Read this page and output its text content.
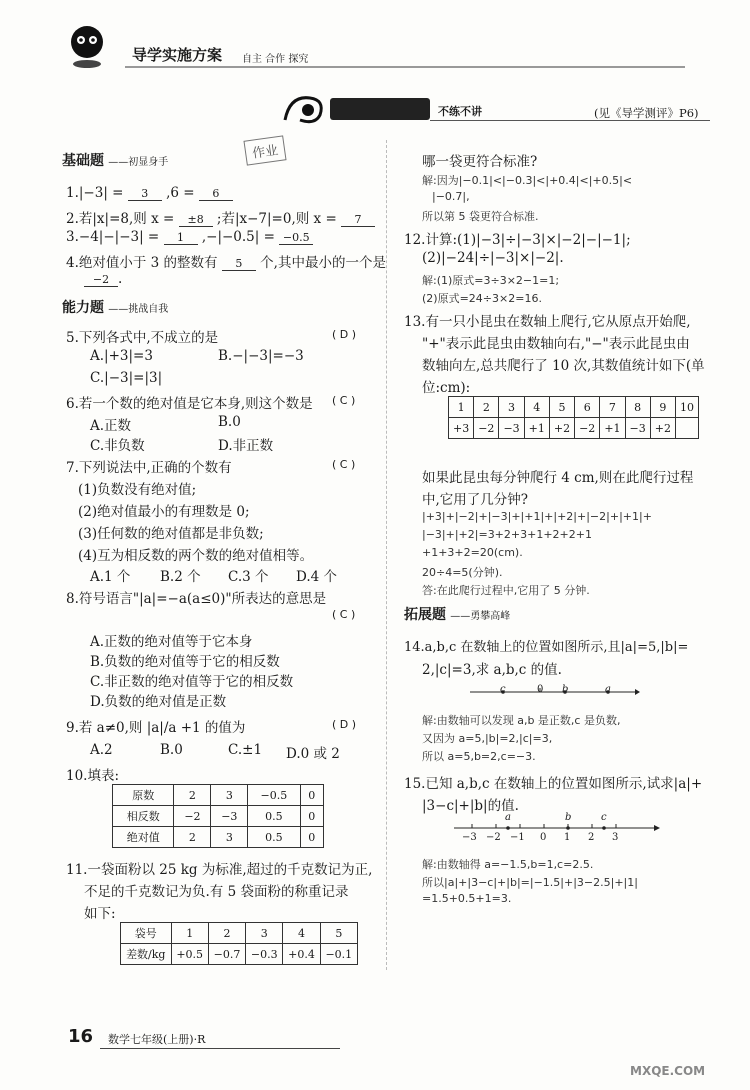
导学实施方案 自主 合作 探究
不练不讲	(见《导学测评》P6)
基础题 ——初显身手
作业
1.|−3| = 3 ,6 = 6
2.若|x|=8,则 x = ±8 ;若|x−7|=0,则 x = 7
3.−4|−|−3| = 1 ,−|−0.5| = −0.5
4.绝对值小于 3 的整数有 5 个,其中最小的一个是
−2 .
能力题 ——挑战自我
5.下列各式中,不成立的是	( D )
A.|+3|=3	B.−|−3|=−3
C.|−3|=|3|
6.若一个数的绝对值是它本身,则这个数是 ( C )
A.正数	B.0
C.非负数	D.非正数
7.下列说法中,正确的个数有	( C )
(1)负数没有绝对值;
(2)绝对值最小的有理数是 0;
(3)任何数的绝对值都是非负数;
(4)互为相反数的两个数的绝对值相等。
A.1 个 B.2 个 C.3 个 D.4 个
8.符号语言"|a|=−a(a≤0)"所表达的意思是
( C )
A.正数的绝对值等于它本身
B.负数的绝对值等于它的相反数
C.非正数的绝对值等于它的相反数
D.负数的绝对值是正数
9.若 a≠0,则 |a|/a +1 的值为	( D )
A.2	B.0	C.±1 D.0 或 2
10.填表:
原数	2	3	−0.5	0
相反数	−2	−3	0.5	0
绝对值	2	3	0.5	0
11.一袋面粉以 25 kg 为标准,超过的千克数记为正,
不足的千克数记为负.有 5 袋面粉的称重记录
如下:
袋号	1	2	3	4	5
差数/kg	+0.5	−0.7	−0.3	+0.4	−0.1
哪一袋更符合标准?
解:因为|−0.1|<|−0.3|<|+0.4|<|+0.5|<
|−0.7|,
所以第 5 袋更符合标准.
12.计算:(1)|−3|÷|−3|×|−2|−|−1|;
(2)|−24|÷|−3|×|−2|.
解:(1)原式=3÷3×2−1=1;
(2)原式=24÷3×2=16.
13.有一只小昆虫在数轴上爬行,它从原点开始爬,
"+"表示此昆虫由数轴向右,"−"表示此昆虫由
数轴向左,总共爬行了 10 次,其数值统计如下(单
位:cm):
1	2	3	4	5	6	7	8	9	10
+3	−2	−3	+1	+2	−2	+1	−3	+2	
如果此昆虫每分钟爬行 4 cm,则在此爬行过程
中,它用了几分钟?
|+3|+|−2|+|−3|+|+1|+|+2|+|−2|+|+1|+
|−3|+|+2|=3+2+3+1+2+2+1
+1+3+2=20(cm).
20÷4=5(分钟).
答:在此爬行过程中,它用了 5 分钟.
拓展题 ——勇攀高峰
14.a,b,c 在数轴上的位置如图所示,且|a|=5,|b|=
2,|c|=3,求 a,b,c 的值.
c	0 b	a
解:由数轴可以发现 a,b 是正数,c 是负数,
又因为 a=5,|b|=2,|c|=3,
所以 a=5,b=2,c=−3.
15.已知 a,b,c 在数轴上的位置如图所示,试求|a|+
|3−c|+|b|的值.
a	b	c
−3 −2 −1 0 1 2 3
解:由数轴得 a=−1.5,b=1,c=2.5.
所以|a|+|3−c|+|b|=|−1.5|+|3−2.5|+|1|
=1.5+0.5+1=3.
16 数学七年级(上册)·R
MXQE.COM
